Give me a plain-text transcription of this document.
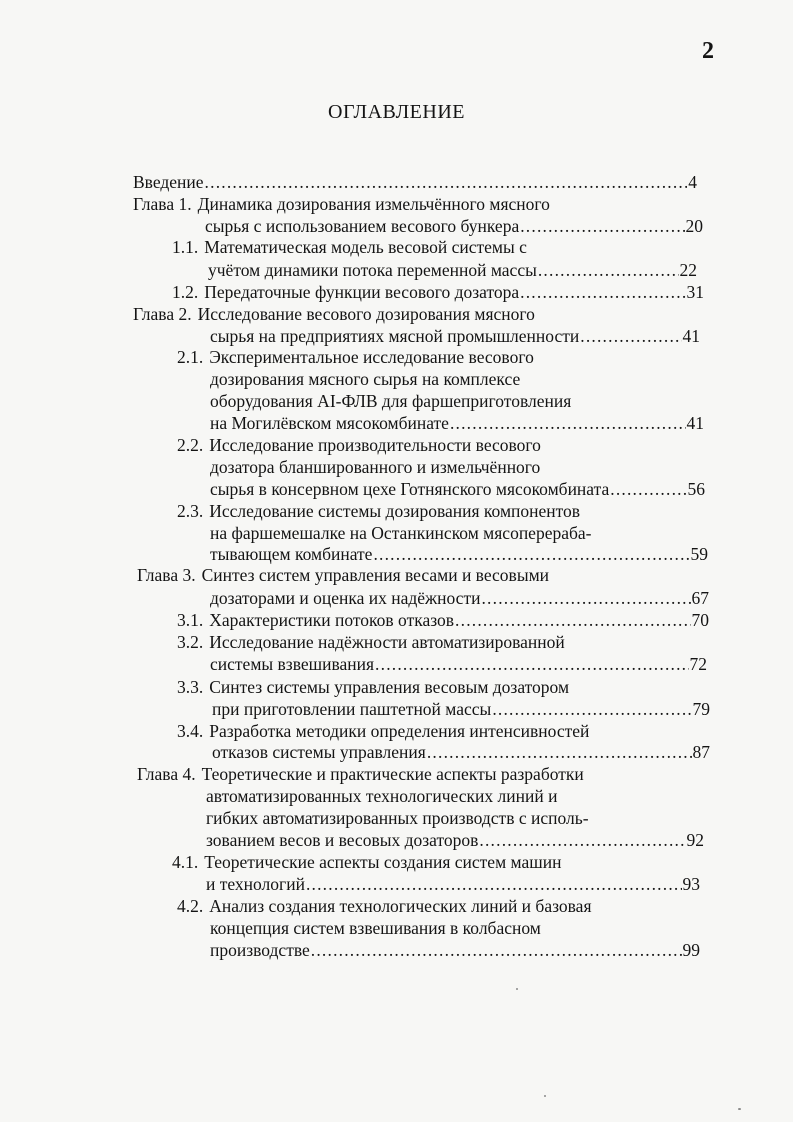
2
ОГЛАВЛЕНИЕ
Введение .....	4
Глава 1. Динамика дозирования измельчённого мясного
сырья с использованием весового бункера .....	20
1.1. Математическая модель весовой системы с
учётом динамики потока переменной массы .....	22
1.2. Передаточные функции весового дозатора .....	31
Глава 2. Исследование весового дозирования мясного
сырья на предприятиях мясной промышленности .....	41
2.1. Экспериментальное исследование весового
дозирования мясного сырья на комплексе
оборудования АІ-ФЛВ для фаршеприготовления
на Могилёвском мясокомбинате .....	41
2.2. Исследование производительности весового
дозатора бланшированного и измельчённого
сырья в консервном цехе Готнянского мясокомбината .....	56
2.3. Исследование системы дозирования компонентов
на фаршемешалке на Останкинском мясоперераба-
тывающем комбинате .....	59
Глава 3. Синтез систем управления весами и весовыми
дозаторами и оценка их надёжности .....	67
3.1. Характеристики потоков отказов .....	70
3.2. Исследование надёжности автоматизированной
системы взвешивания .....	72
3.3. Синтез системы управления весовым дозатором
при приготовлении паштетной массы .....	79
3.4. Разработка методики определения интенсивностей
отказов системы управления .....	87
Глава 4. Теоретические и практические аспекты разработки
автоматизированных технологических линий и
гибких автоматизированных производств с исполь-
зованием весов и весовых дозаторов .....	92
4.1. Теоретические аспекты создания систем машин
и технологий .....	93
4.2. Анализ создания технологических линий и базовая
концепция систем взвешивания в колбасном
производстве .....	99
